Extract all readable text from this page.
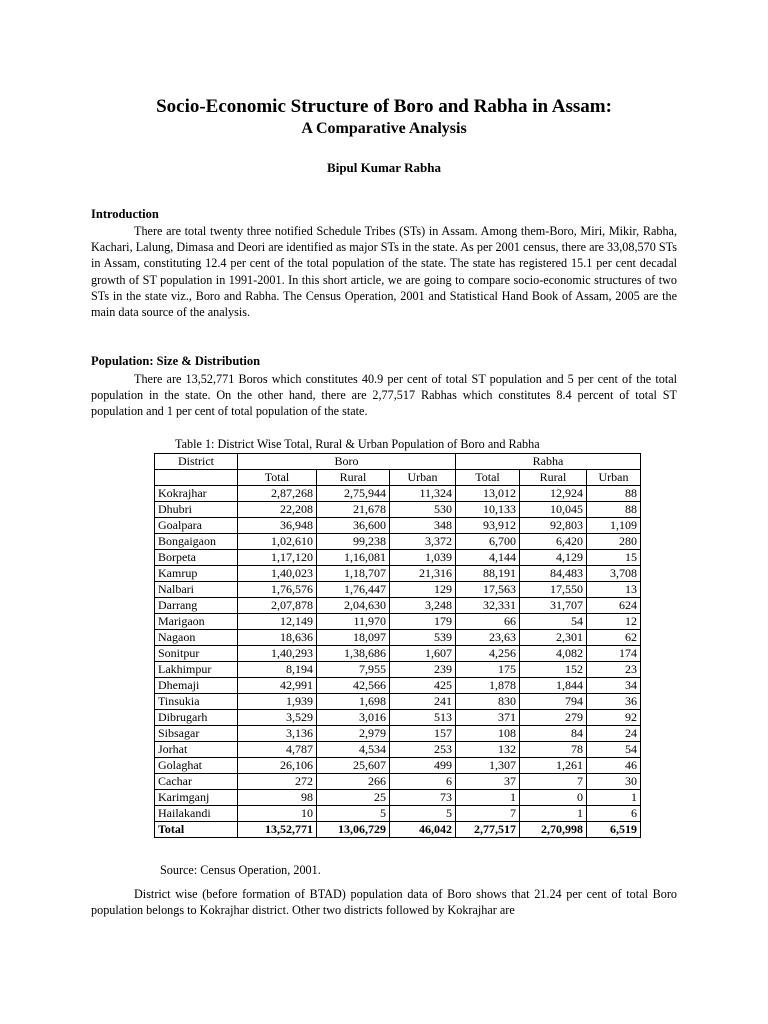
Socio-Economic Structure of Boro and Rabha in Assam:
A Comparative Analysis
Bipul Kumar Rabha
Introduction

There are total twenty three notified Schedule Tribes (STs) in Assam. Among them-Boro, Miri, Mikir, Rabha, Kachari, Lalung, Dimasa and Deori are identified as major STs in the state. As per 2001 census, there are 33,08,570 STs in Assam, constituting 12.4 per cent of the total population of the state. The state has registered 15.1 per cent decadal growth of ST population in 1991-2001. In this short article, we are going to compare socio-economic structures of two STs in the state viz., Boro and Rabha. The Census Operation, 2001 and Statistical Hand Book of Assam, 2005 are the main data source of the analysis.

Population: Size & Distribution

There are 13,52,771 Boros which constitutes 40.9 per cent of total ST population and 5 per cent of the total population in the state. On the other hand, there are 2,77,517 Rabhas which constitutes 8.4 percent of total ST population and 1 per cent of total population of the state.

Table 1: District Wise Total, Rural & Urban Population of Boro and Rabha
District	Boro			Rabha		
	Total	Rural	Urban	Total	Rural	Urban
Kokrajhar	2,87,268	2,75,944	11,324	13,012	12,924	88
Dhubri	22,208	21,678	530	10,133	10,045	88
Goalpara	36,948	36,600	348	93,912	92,803	1,109
Bongaigaon	1,02,610	99,238	3,372	6,700	6,420	280
Borpeta	1,17,120	1,16,081	1,039	4,144	4,129	15
Kamrup	1,40,023	1,18,707	21,316	88,191	84,483	3,708
Nalbari	1,76,576	1,76,447	129	17,563	17,550	13
Darrang	2,07,878	2,04,630	3,248	32,331	31,707	624
Marigaon	12,149	11,970	179	66	54	12
Nagaon	18,636	18,097	539	23,63	2,301	62
Sonitpur	1,40,293	1,38,686	1,607	4,256	4,082	174
Lakhimpur	8,194	7,955	239	175	152	23
Dhemaji	42,991	42,566	425	1,878	1,844	34
Tinsukia	1,939	1,698	241	830	794	36
Dibrugarh	3,529	3,016	513	371	279	92
Sibsagar	3,136	2,979	157	108	84	24
Jorhat	4,787	4,534	253	132	78	54
Golaghat	26,106	25,607	499	1,307	1,261	46
Cachar	272	266	6	37	7	30
Karimganj	98	25	73	1	0	1
Hailakandi	10	5	5	7	1	6
Total	13,52,771	13,06,729	46,042	2,77,517	2,70,998	6,519
Source: Census Operation, 2001.

District wise (before formation of BTAD) population data of Boro shows that 21.24 per cent of total Boro population belongs to Kokrajhar district. Other two districts followed by Kokrajhar are
